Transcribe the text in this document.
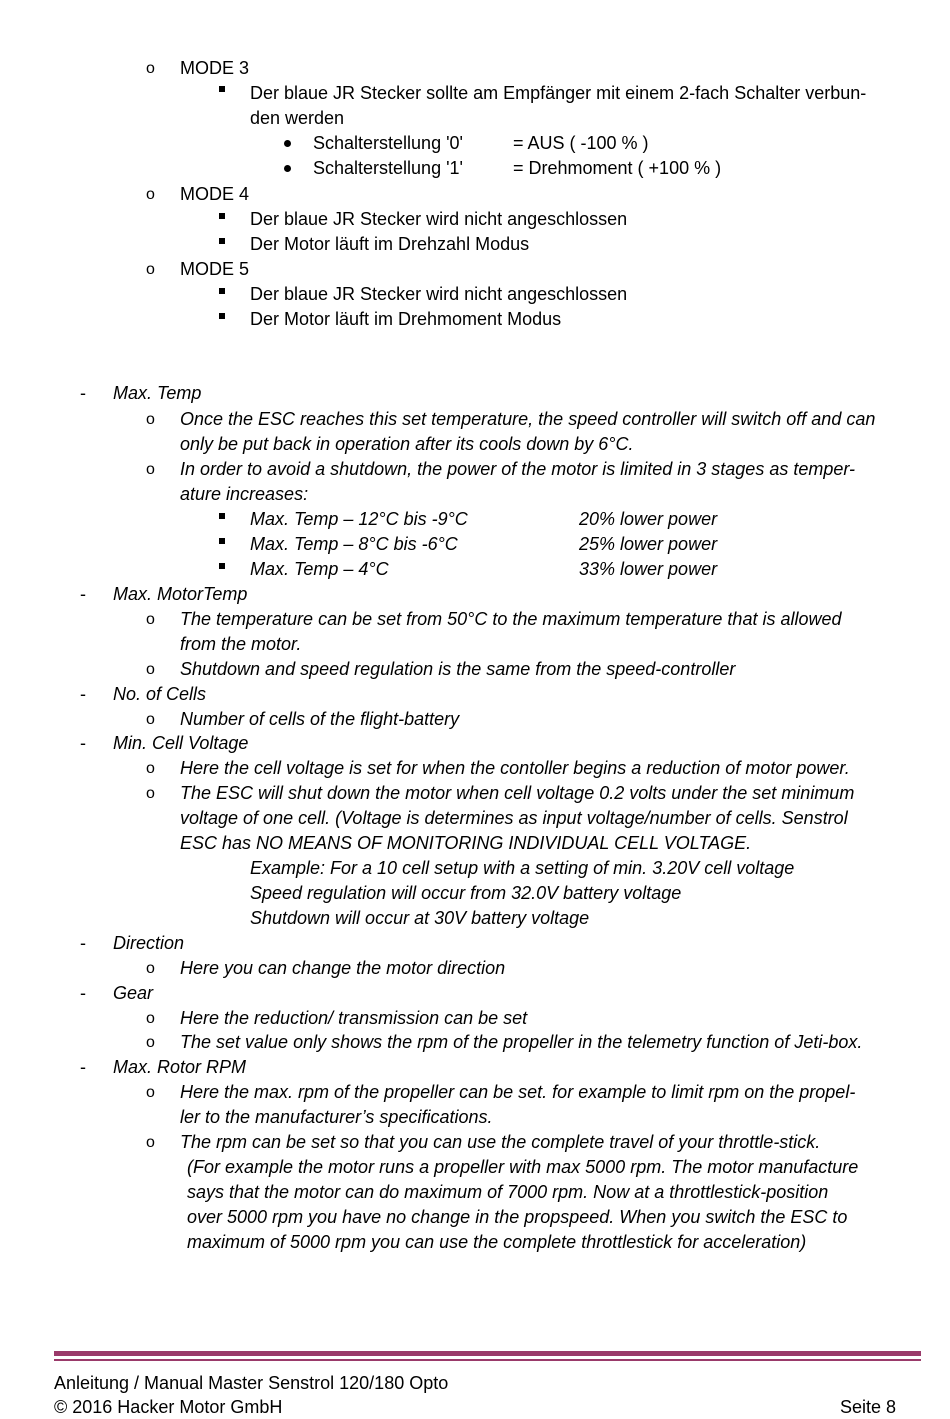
o MODE 3
Der blaue JR Stecker sollte am Empfänger mit einem 2-fach Schalter verbun-
den werden
Schalterstellung '0'	= AUS ( -100 % )
Schalterstellung '1'	= Drehmoment ( +100 % )
o MODE 4
Der blaue JR Stecker wird nicht angeschlossen
Der Motor läuft im Drehzahl Modus
o MODE 5
Der blaue JR Stecker wird nicht angeschlossen
Der Motor läuft im Drehmoment Modus
- Max. Temp
o Once the ESC reaches this set temperature, the speed controller will switch off and can
only be put back in operation after its cools down by 6°C.
o In order to avoid a shutdown, the power of the motor is limited in 3 stages as temper-
ature increases:
Max. Temp – 12°C bis -9°C	20% lower power
Max. Temp – 8°C bis -6°C	25% lower power
Max. Temp – 4°C	33% lower power
- Max. MotorTemp
o The temperature can be set from 50°C to the maximum temperature that is allowed
from the motor.
o Shutdown and speed regulation is the same from the speed-controller
- No. of Cells
o Number of cells of the flight-battery
- Min. Cell Voltage
o Here the cell voltage is set for when the contoller begins a reduction of motor power.
o The ESC will shut down the motor when cell voltage 0.2 volts under the set minimum
voltage of one cell. (Voltage is determines as input voltage/number of cells. Senstrol
ESC has NO MEANS OF MONITORING INDIVIDUAL CELL VOLTAGE.
Example: For a 10 cell setup with a setting of min. 3.20V cell voltage
Speed regulation will occur from 32.0V battery voltage
Shutdown will occur at 30V battery voltage
- Direction
o Here you can change the motor direction
- Gear
o Here the reduction/ transmission can be set
o The set value only shows the rpm of the propeller in the telemetry function of Jeti-box.
- Max. Rotor RPM
o Here the max. rpm of the propeller can be set. for example to limit rpm on the propel-
ler to the manufacturer’s specifications.
o The rpm can be set so that you can use the complete travel of your throttle-stick.
(For example the motor runs a propeller with max 5000 rpm. The motor manufacture
says that the motor can do maximum of 7000 rpm. Now at a throttlestick-position
over 5000 rpm you have no change in the propspeed. When you switch the ESC to
maximum of 5000 rpm you can use the complete throttlestick for acceleration)
Anleitung / Manual Master Senstrol 120/180 Opto
© 2016 Hacker Motor GmbH	Seite 8
